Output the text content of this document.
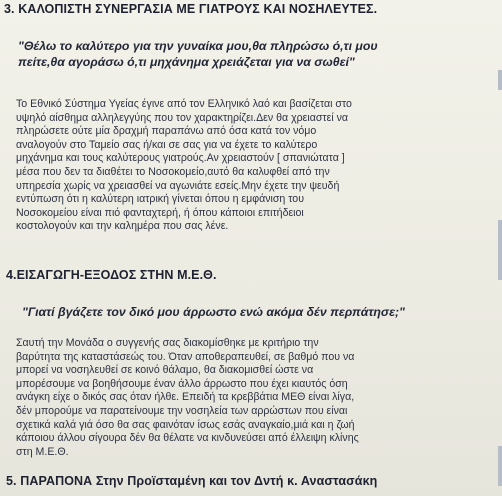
3. ΚΑΛΟΠΙΣΤΗ ΣΥΝΕΡΓΑΣΙΑ ΜΕ ΓΙΑΤΡΟΥΣ ΚΑΙ ΝΟΣΗΛΕΥΤΕΣ.
"Θέλω το καλύτερο για την γυναίκα μου,θα πληρώσω ό,τι μου
πείτε,θα αγοράσω ό,τι μηχάνημα χρειάζεται για να σωθεί"
Το Εθνικό Σύστημα Υγείας έγινε από τον Ελληνικό λαό και βασίζεται στο
υψηλό αίσθημα αλληλεγγύης που τον χαρακτηρίζει.Δεν θα χρειαστεί να
πληρώσετε ούτε μία δραχμή παραπάνω από όσα κατά τον νόμο
αναλογούν στο Ταμείο σας ή/και σε σας για να έχετε το καλύτερο
μηχάνημα και τους καλύτερους γιατρούς.Αν χρειαστούν [ σπανιώτατα ]
μέσα που δεν τα διαθέτει το Νοσοκομείο,αυτό θα καλυφθεί από την
υπηρεσία χωρίς να χρειασθεί να αγωνιάτε εσείς.Μην έχετε την ψευδή
εντύπωση ότι η καλύτερη ιατρική γίνεται όπου η εμφάνιση του
Νοσοκομείου είναι πιό φανταχτερή, ή όπου κάποιοι επιτήδειοι
κοστολογούν και την καλημέρα που σας λένε.
4.ΕΙΣΑΓΩΓΗ-ΕΞΟΔΟΣ ΣΤΗΝ Μ.Ε.Θ.
"Γιατί βγάζετε τον δικό μου άρρωστο ενώ ακόμα δέν περπάτησε;"
Σαυτή την Μονάδα ο συγγενής σας διακομίσθηκε με κριτήριο την
βαρύτητα της καταστάσεώς του. Όταν αποθεραπευθεί, σε βαθμό που να
μπορεί να νοσηλευθεί σε κοινό θάλαμο, θα διακομισθεί ώστε να
μπορέσουμε να βοηθήσουμε έναν άλλο άρρωστο που έχει κιαυτός όση
ανάγκη είχε ο δικός σας όταν ήλθε. Επειδή τα κρεββάτια ΜΕΘ είναι λίγα,
δέν μπορούμε να παρατείνουμε την νοσηλεία των αρρώστων που είναι
σχετικά καλά γιά όσο θα σας φαινόταν ίσως εσάς αναγκαίο,μιά και η ζωή
κάποιου άλλου σίγουρα δέν θα θέλατε να κινδυνεύσει από έλλειψη κλίνης
στη Μ.Ε.Θ.
5. ΠΑΡΑΠΟΝΑ Στην Προϊσταμένη και τον Δντή κ. Αναστασάκη
